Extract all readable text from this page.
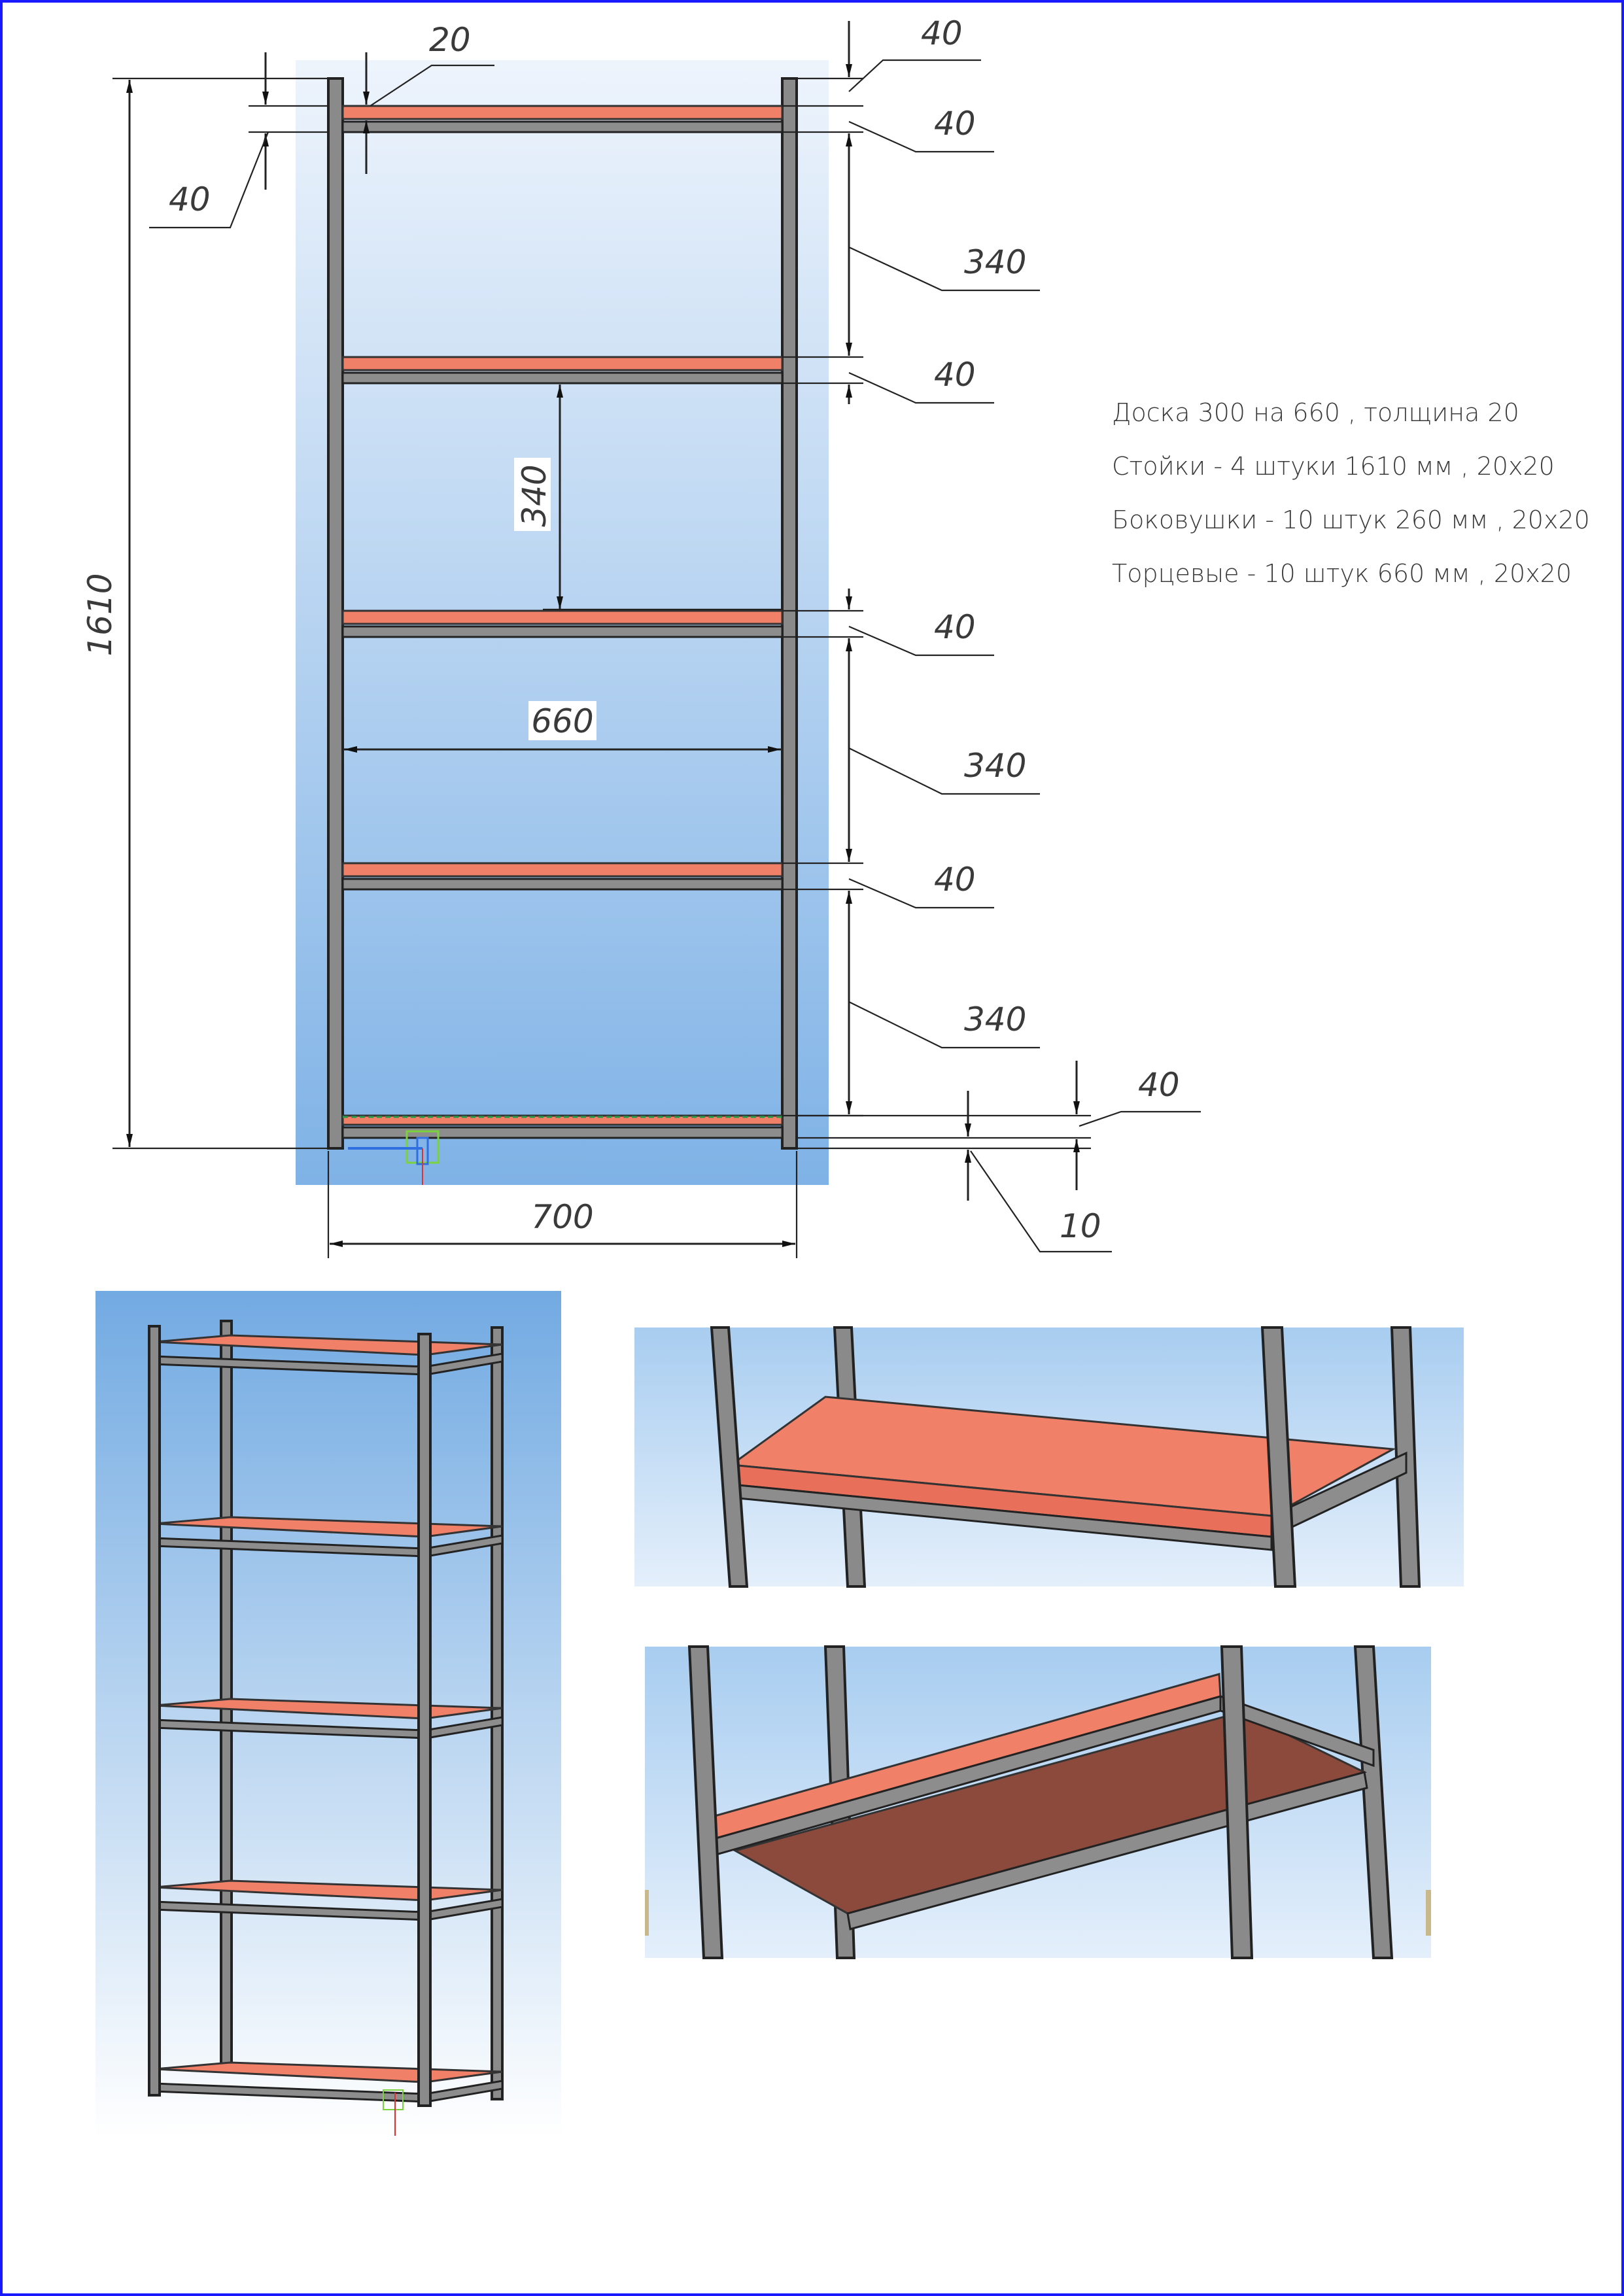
1610
40
20	40
40
340
40
40
340
40
340
340
660
40
10
700
Доска 300 на 660 , толщина 20
Стойки - 4 штуки 1610 мм , 20х20
Боковушки - 10 штук 260 мм , 20х20
Торцевые - 10 штук 660 мм , 20х20
